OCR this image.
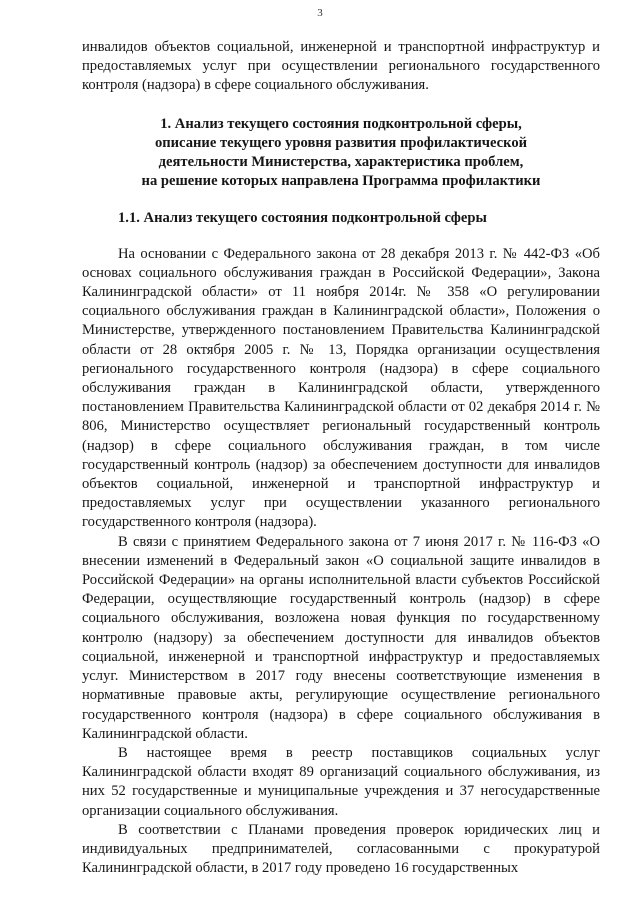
3

инвалидов объектов социальной, инженерной и транспортной инфраструктур и предоставляемых услуг при осуществлении регионального государственного контроля (надзора) в сфере социального обслуживания.

1. Анализ текущего состояния подконтрольной сферы,
описание текущего уровня развития профилактической
деятельности Министерства, характеристика проблем,
на решение которых направлена Программа профилактики
1.1. Анализ текущего состояния подконтрольной сферы

На основании с Федерального закона от 28 декабря 2013 г. № 442-ФЗ «Об основах социального обслуживания граждан в Российской Федерации», Закона Калининградской области» от 11 ноября 2014г. № 358 «О регулировании социального обслуживания граждан в Калининградской области», Положения о Министерстве, утвержденного постановлением Правительства Калининградской области от 28 октября 2005 г. № 13, Порядка организации осуществления регионального государственного контроля (надзора) в сфере социального обслуживания граждан в Калининградской области, утвержденного постановлением Правительства Калининградской области от 02 декабря 2014 г. № 806, Министерство осуществляет региональный государственный контроль (надзор) в сфере социального обслуживания граждан, в том числе государственный контроль (надзор) за обеспечением доступности для инвалидов объектов социальной, инженерной и транспортной инфраструктур и предоставляемых услуг при осуществлении указанного регионального государственного контроля (надзора).

В связи с принятием Федерального закона от 7 июня 2017 г. № 116-ФЗ «О внесении изменений в Федеральный закон «О социальной защите инвалидов в Российской Федерации» на органы исполнительной власти субъектов Российской Федерации, осуществляющие государственный контроль (надзор) в сфере социального обслуживания, возложена новая функция по государственному контролю (надзору) за обеспечением доступности для инвалидов объектов социальной, инженерной и транспортной инфраструктур и предоставляемых услуг. Министерством в 2017 году внесены соответствующие изменения в нормативные правовые акты, регулирующие осуществление регионального государственного контроля (надзора) в сфере социального обслуживания в Калининградской области.

В настоящее время в реестр поставщиков социальных услуг Калининградской области входят 89 организаций социального обслуживания, из них 52 государственные и муниципальные учреждения и 37 негосударственные организации социального обслуживания.

В соответствии с Планами проведения проверок юридических лиц и индивидуальных предпринимателей, согласованными с прокуратурой Калининградской области, в 2017 году проведено 16 государственных
